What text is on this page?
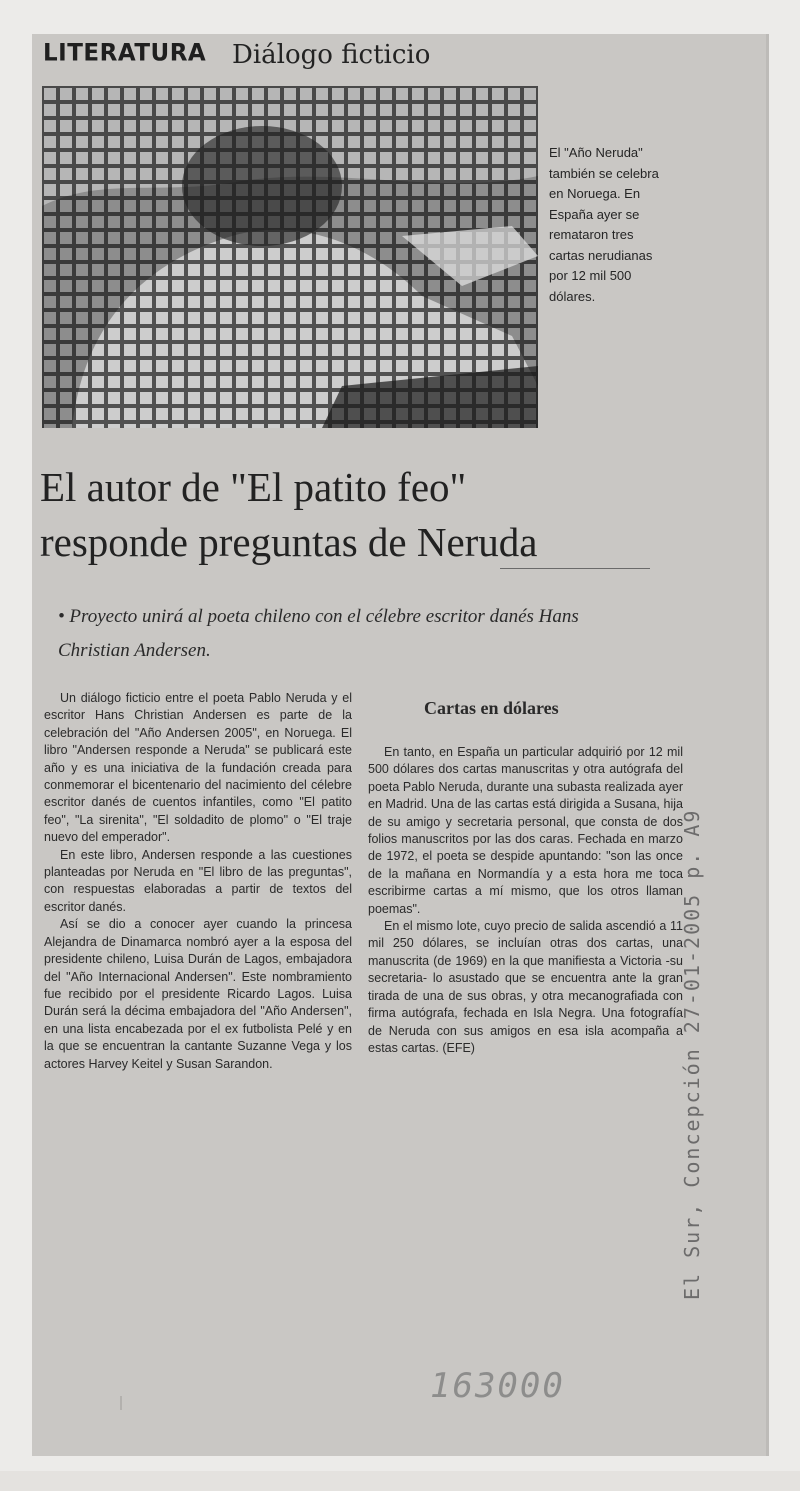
LITERATURA Diálogo ficticio
El "Año Neruda" también se celebra en Noruega. En España ayer se remataron tres cartas nerudianas por 12 mil 500 dólares.
El autor de "El patito feo"
responde preguntas de Neruda
• Proyecto unirá al poeta chileno con el célebre escritor danés Hans Christian Andersen.

Un diálogo ficticio entre el poeta Pablo Neruda y el escritor Hans Christian Andersen es parte de la celebración del "Año Andersen 2005", en Noruega. El libro "Andersen responde a Neruda" se publicará este año y es una iniciativa de la fundación creada para conmemorar el bicentenario del nacimiento del célebre escritor danés de cuentos infantiles, como "El patito feo", "La sirenita", "El soldadito de plomo" o "El traje nuevo del emperador".

En este libro, Andersen responde a las cuestiones planteadas por Neruda en "El libro de las preguntas", con respuestas elaboradas a partir de textos del escritor danés.

Así se dio a conocer ayer cuando la princesa Alejandra de Dinamarca nombró ayer a la esposa del presidente chileno, Luisa Durán de Lagos, embajadora del "Año Internacional Andersen". Este nombramiento fue recibido por el presidente Ricardo Lagos. Luisa Durán será la décima embajadora del "Año Andersen", en una lista encabezada por el ex futbolista Pelé y en la que se encuentran la cantante Suzanne Vega y los actores Harvey Keitel y Susan Sarandon.

Cartas en dólares

En tanto, en España un particular adquirió por 12 mil 500 dólares dos cartas manuscritas y otra autógrafa del poeta Pablo Neruda, durante una subasta realizada ayer en Madrid. Una de las cartas está dirigida a Susana, hija de su amigo y secretaria personal, que consta de dos folios manuscritos por las dos caras. Fechada en marzo de 1972, el poeta se despide apuntando: "son las once de la mañana en Normandía y a esta hora me toca escribirme cartas a mí mismo, que los otros llaman poemas".

En el mismo lote, cuyo precio de salida ascendió a 11 mil 250 dólares, se incluían otras dos cartas, una manuscrita (de 1969) en la que manifiesta a Victoria -su secretaria- lo asustado que se encuentra ante la gran tirada de una de sus obras, y otra mecanografiada con firma autógrafa, fechada en Isla Negra. Una fotografía de Neruda con sus amigos en esa isla acompaña a estas cartas. (EFE)	El Sur, Concepción 27-01-2005 p. A9
163000
